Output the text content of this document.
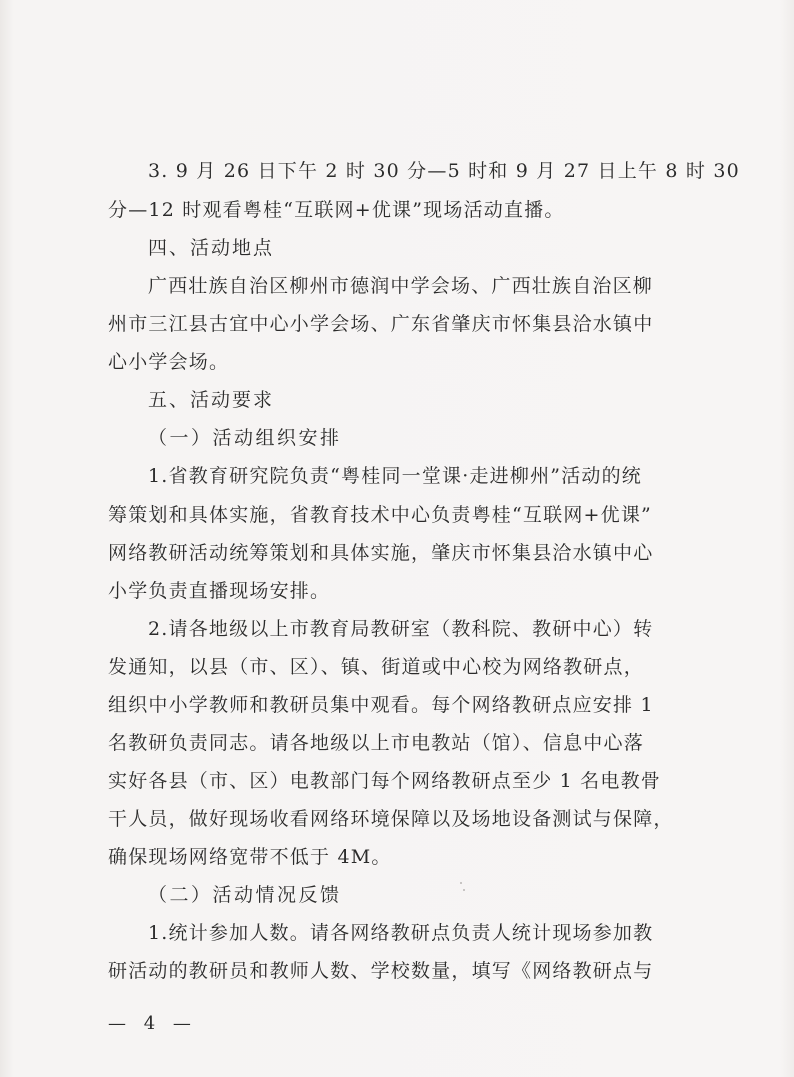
3. 9 月 26 日下午 2 时 30 分—5 时和 9 月 27 日上午 8 时 30
分—12 时观看粤桂“互联网+优课”现场活动直播。
四、活动地点
广西壮族自治区柳州市德润中学会场、广西壮族自治区柳
州市三江县古宜中心小学会场、广东省肇庆市怀集县洽水镇中
心小学会场。
五、活动要求
（一）活动组织安排
1.省教育研究院负责“粤桂同一堂课·走进柳州”活动的统
筹策划和具体实施，省教育技术中心负责粤桂“互联网+优课”
网络教研活动统筹策划和具体实施，肇庆市怀集县洽水镇中心
小学负责直播现场安排。
2.请各地级以上市教育局教研室（教科院、教研中心）转
发通知，以县（市、区）、镇、街道或中心校为网络教研点，
组织中小学教师和教研员集中观看。每个网络教研点应安排 1
名教研负责同志。请各地级以上市电教站（馆）、信息中心落
实好各县（市、区）电教部门每个网络教研点至少 1 名电教骨
干人员，做好现场收看网络环境保障以及场地设备测试与保障，
确保现场网络宽带不低于 4M。
（二）活动情况反馈
1.统计参加人数。请各网络教研点负责人统计现场参加教
研活动的教研员和教师人数、学校数量，填写《网络教研点与
— 4 —
